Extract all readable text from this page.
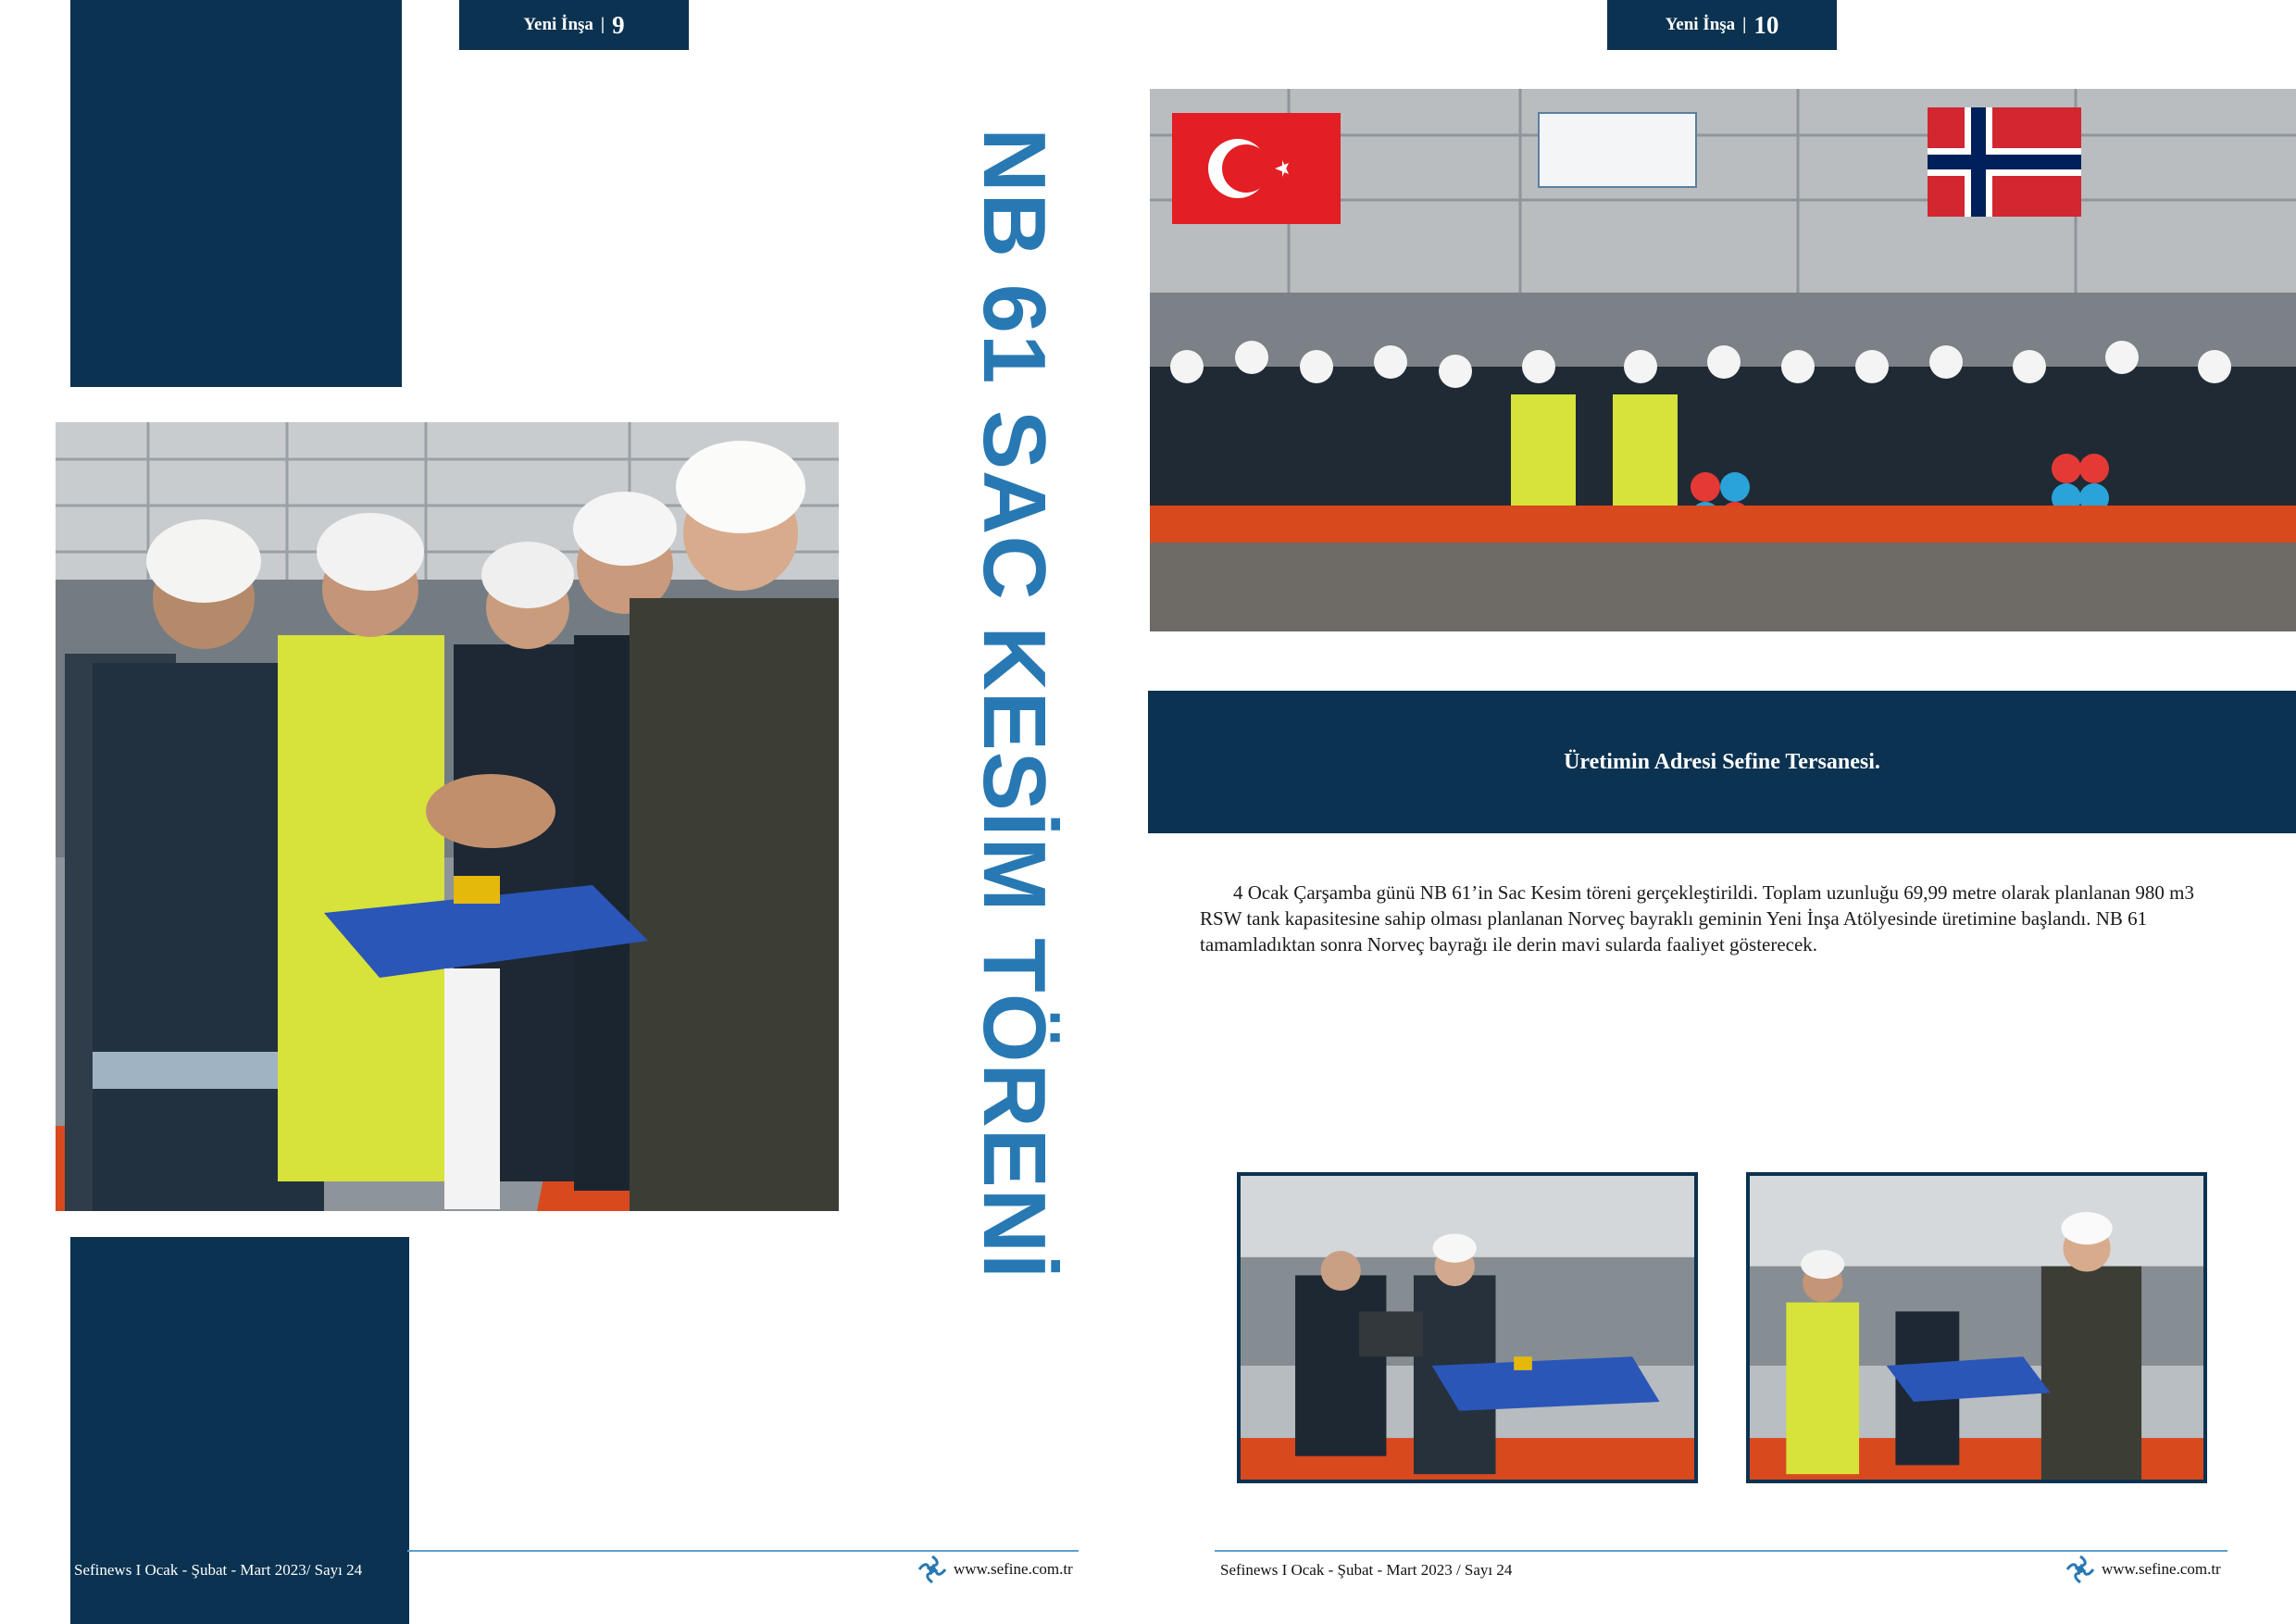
Yeni İnşa | 9
NB 61 SAC KESİM TÖRENİ
Sefinews I Ocak - Şubat - Mart 2023/ Sayı 24	www.sefine.com.tr
Yeni İnşa | 10
Üretimin Adresi Sefine Tersanesi.

4 Ocak Çarşamba günü NB 61’in Sac Kesim töreni gerçekleştirildi. Toplam uzunluğu 69,99 metre olarak planlanan 980 m3 RSW tank kapasitesine sahip olması planlanan Norveç bayraklı geminin Yeni İnşa Atölyesinde üretimine başlandı. NB 61 tamamladıktan sonra Norveç bayrağı ile derin mavi sularda faaliyet gösterecek.

Sefinews I Ocak - Şubat - Mart 2023 / Sayı 24	www.sefine.com.tr
